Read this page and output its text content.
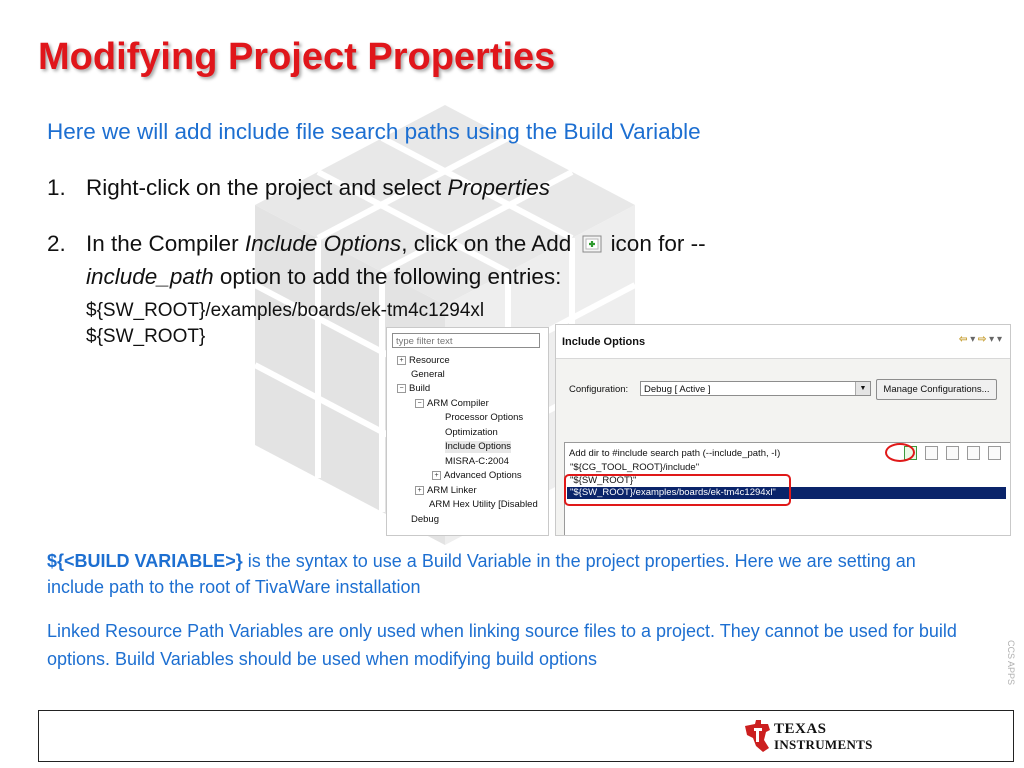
Modifying Project Properties
Here we will add include file search paths using the Build Variable
1. Right-click on the project and select Properties
2. In the Compiler Include Options, click on the Add icon for --
include_path option to add the following entries:
${SW_ROOT}/examples/boards/ek-tm4c1294xl
${SW_ROOT}	type filter text
+ Resource
General
− Build
− ARM Compiler
Processor Options
Optimization
Include Options
MISRA-C:2004
+ Advanced Options
+ ARM Linker
ARM Hex Utility [Disabled
Debug
Include Options	⇦ ▾ ⇨ ▾ ▾
Configuration:	Debug [ Active ]	▼	Manage Configurations...
Add dir to #include search path (--include_path, -I)
"${CG_TOOL_ROOT}/include"
"${SW_ROOT}"
"${SW_ROOT}/examples/boards/ek-tm4c1294xl"
${<BUILD VARIABLE>} is the syntax to use a Build Variable in the project properties. Here we are setting an include path to the root of TivaWare installation
Linked Resource Path Variables are only used when linking source files to a project. They cannot be used for build options. Build Variables should be used when modifying build options	CCS APPS
TEXAS
INSTRUMENTS
